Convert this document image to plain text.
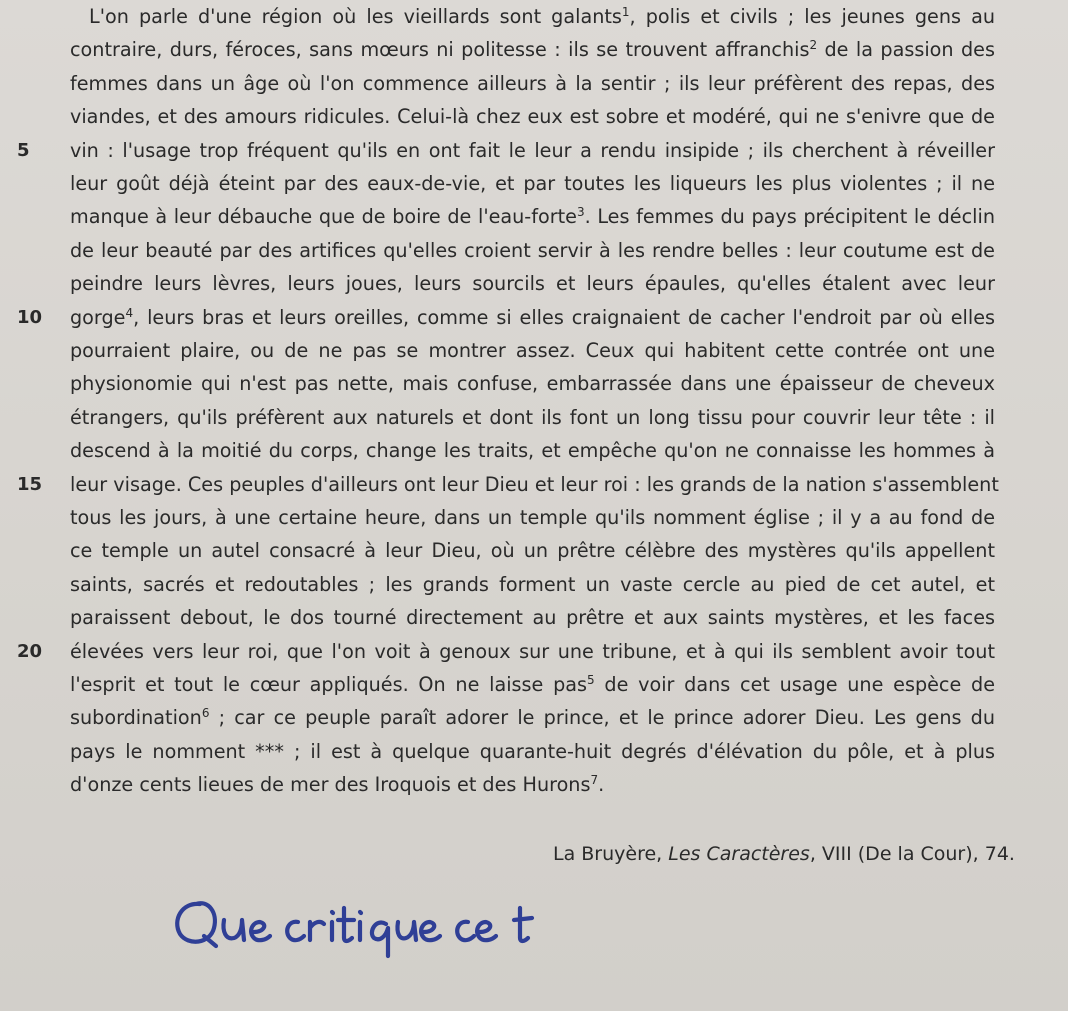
L'on parle d'une région où les vieillards sont galants$^1$, polis et civils ; les jeunes gens au
contraire, durs, féroces, sans mœurs ni politesse : ils se trouvent affranchis$^2$ de la passion des
femmes dans un âge où l'on commence ailleurs à la sentir ; ils leur préfèrent des repas, des
viandes, et des amours ridicules. Celui-là chez eux est sobre et modéré, qui ne s'enivre que de
vin : l'usage trop fréquent qu'ils en ont fait le leur a rendu insipide ; ils cherchent à réveiller
leur goût déjà éteint par des eaux-de-vie, et par toutes les liqueurs les plus violentes ; il ne
manque à leur débauche que de boire de l'eau-forte$^3$. Les femmes du pays précipitent le déclin
de leur beauté par des artifices qu'elles croient servir à les rendre belles : leur coutume est de
peindre leurs lèvres, leurs joues, leurs sourcils et leurs épaules, qu'elles étalent avec leur
gorge$^4$, leurs bras et leurs oreilles, comme si elles craignaient de cacher l'endroit par où elles
pourraient plaire, ou de ne pas se montrer assez. Ceux qui habitent cette contrée ont une
physionomie qui n'est pas nette, mais confuse, embarrassée dans une épaisseur de cheveux
étrangers, qu'ils préfèrent aux naturels et dont ils font un long tissu pour couvrir leur tête : il
descend à la moitié du corps, change les traits, et empêche qu'on ne connaisse les hommes à
leur visage. Ces peuples d'ailleurs ont leur Dieu et leur roi : les grands de la nation s'assemblent
tous les jours, à une certaine heure, dans un temple qu'ils nomment église ; il y a au fond de
ce temple un autel consacré à leur Dieu, où un prêtre célèbre des mystères qu'ils appellent
saints, sacrés et redoutables ; les grands forment un vaste cercle au pied de cet autel, et
paraissent debout, le dos tourné directement au prêtre et aux saints mystères, et les faces
élevées vers leur roi, que l'on voit à genoux sur une tribune, et à qui ils semblent avoir tout
l'esprit et tout le cœur appliqués. On ne laisse pas$^5$ de voir dans cet usage une espèce de
subordination$^6$ ; car ce peuple paraît adorer le prince, et le prince adorer Dieu. Les gens du
pays le nomment *** ; il est à quelque quarante-huit degrés d'élévation du pôle, et à plus
d'onze cents lieues de mer des Iroquois et des Hurons$^7$.
La Bruyère, Les Caractères, VIII (De la Cour), 74.
5
10
15
20
